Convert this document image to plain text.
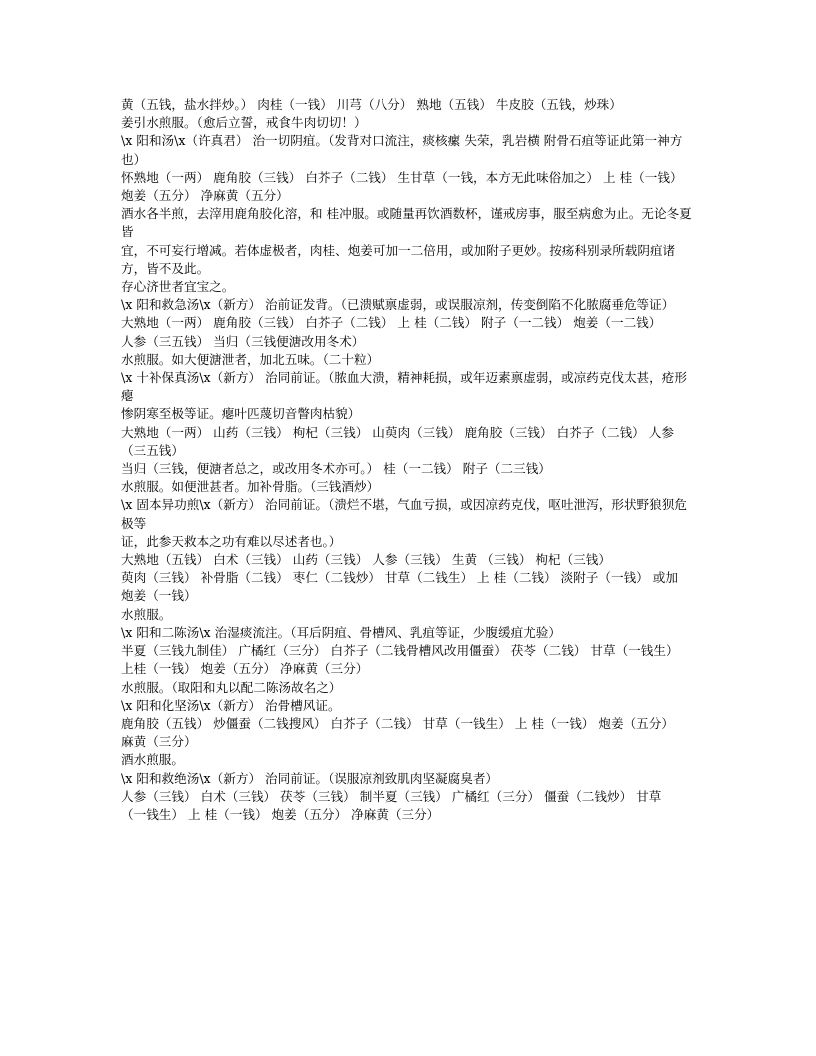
黄（五钱，盐水拌炒。） 肉桂（一钱） 川芎（八分） 熟地（五钱） 牛皮胶（五钱，炒珠）

姜引水煎服。（愈后立誓，戒食牛肉切切！）

\x 阳和汤\x（许真君） 治一切阴疽。（发背对口流注，痰核瘰 失荣，乳岩横 附骨石疽等证此第一神方也）

怀熟地（一两） 鹿角胶（三钱） 白芥子（二钱） 生甘草（一钱，本方无此味俗加之） 上 桂（一钱）

炮姜（五分） 净麻黄（五分）

酒水各半煎，去滓用鹿角胶化溶，和 桂冲服。或随量再饮酒数杯，谨戒房事，服至病愈为止。无论冬夏皆

宜，不可妄行增减。若体虚极者，肉桂、炮姜可加一二倍用，或加附子更妙。按疡科别录所载阴疽诸方，皆不及此。

存心济世者宜宝之。

\x 阳和救急汤\x（新方） 治前证发背。（已溃赋禀虚弱，或误服凉剂，传变倒陷不化脓腐垂危等证）

大熟地（一两） 鹿角胶（三钱） 白芥子（二钱） 上 桂（二钱） 附子（一二钱） 炮姜（一二钱）

人参（三五钱） 当归（三钱便溏改用冬术）

水煎服。如大便溏泄者，加北五味。（二十粒）

\x 十补保真汤\x（新方） 治同前证。（脓血大溃，精神耗损，或年迈素禀虚弱，或凉药克伐太甚，疮形瘪

惨阴寒至极等证。瘪叶匹蔑切音瞥肉枯貌）

大熟地（一两） 山药（三钱） 枸杞（三钱） 山萸肉（三钱） 鹿角胶（三钱） 白芥子（二钱） 人参（三五钱）

当归（三钱，便溏者总之，或改用冬术亦可。） 桂（一二钱） 附子（二三钱）

水煎服。如便泄甚者。加补骨脂。（三钱酒炒）

\x 固本异功煎\x（新方） 治同前证。（溃烂不堪，气血亏损，或因凉药克伐，呕吐泄泻，形状野狼狈危极等

证，此参天救本之功有难以尽述者也。）

大熟地（五钱） 白术（三钱） 山药（三钱） 人参（三钱） 生黄 （三钱） 枸杞（三钱）

萸肉（三钱） 补骨脂（二钱） 枣仁（二钱炒） 甘草（二钱生） 上 桂（二钱） 淡附子（一钱） 或加

炮姜（一钱）

水煎服。

\x 阳和二陈汤\x 治湿痰流注。（耳后阴疽、骨槽风、乳疽等证，少腹缓疽尤验）

半夏（三钱九制佳） 广橘红（三分） 白芥子（二钱骨槽风改用僵蚕） 茯苓（二钱） 甘草（一钱生）

上桂（一钱） 炮姜（五分） 净麻黄（三分）

水煎服。（取阳和丸以配二陈汤故名之）

\x 阳和化坚汤\x（新方） 治骨槽风证。

鹿角胶（五钱） 炒僵蚕（二钱搜风） 白芥子（二钱） 甘草（一钱生） 上 桂（一钱） 炮姜（五分）

麻黄（三分）

酒水煎服。

\x 阳和救绝汤\x（新方） 治同前证。（误服凉剂致肌肉坚凝腐臭者）

人参（三钱） 白术（三钱） 茯苓（三钱） 制半夏（三钱） 广橘红（三分） 僵蚕（二钱炒） 甘草

（一钱生） 上 桂（一钱） 炮姜（五分） 净麻黄（三分）
